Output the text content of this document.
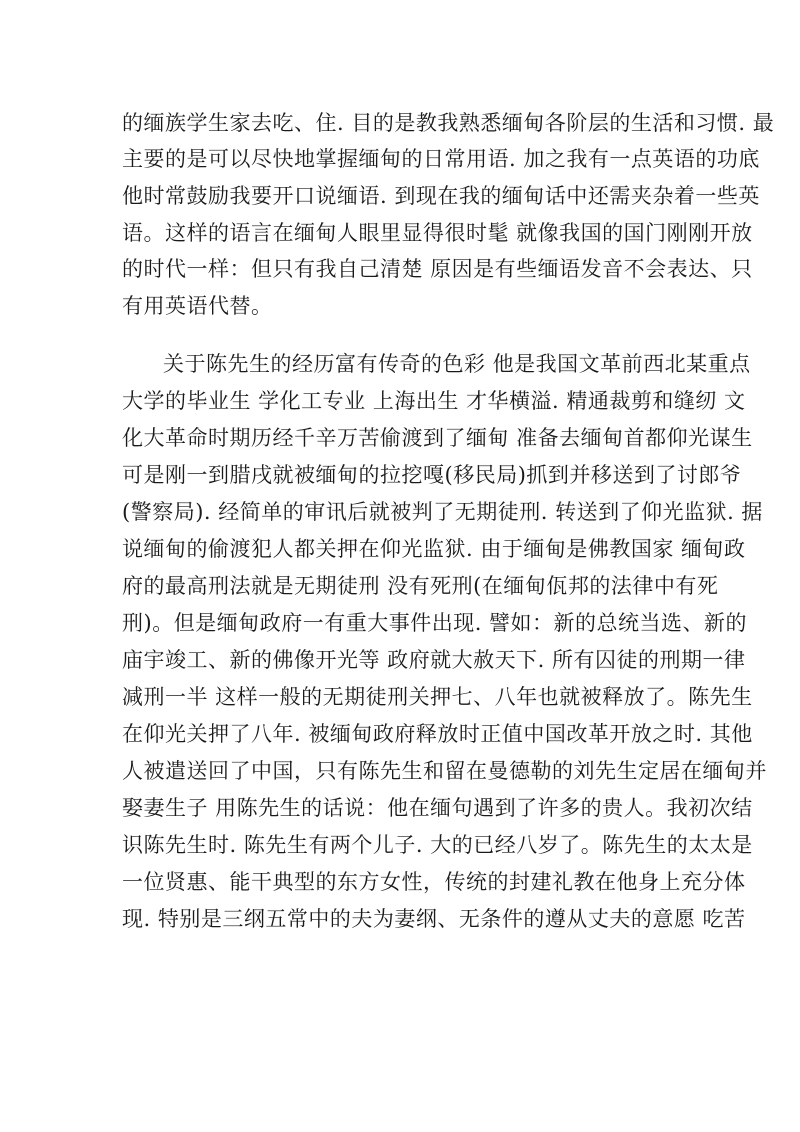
的缅族学生家去吃、住. 目的是教我熟悉缅甸各阶层的生活和习惯. 最
主要的是可以尽快地掌握缅甸的日常用语. 加之我有一点英语的功底
他时常鼓励我要开口说缅语. 到现在我的缅甸话中还需夹杂着一些英
语。这样的语言在缅甸人眼里显得很时髦 就像我国的国门刚刚开放
的时代一样：但只有我自己清楚 原因是有些缅语发音不会表达、只
有用英语代替。
关于陈先生的经历富有传奇的色彩 他是我国文革前西北某重点
大学的毕业生 学化工专业 上海出生 才华横溢. 精通裁剪和缝纫 文
化大革命时期历经千辛万苦偷渡到了缅甸 准备去缅甸首都仰光谋生
可是刚一到腊戌就被缅甸的拉挖嘎(移民局)抓到并移送到了讨郎爷
(警察局). 经简单的审讯后就被判了无期徒刑. 转送到了仰光监狱. 据
说缅甸的偷渡犯人都关押在仰光监狱. 由于缅甸是佛教国家 缅甸政
府的最高刑法就是无期徒刑 没有死刑(在缅甸佤邦的法律中有死
刑)。但是缅甸政府一有重大事件出现. 譬如：新的总统当选、新的
庙宇竣工、新的佛像开光等 政府就大赦天下. 所有囚徒的刑期一律
减刑一半 这样一般的无期徒刑关押七、八年也就被释放了。陈先生
在仰光关押了八年. 被缅甸政府释放时正值中国改革开放之时. 其他
人被遣送回了中国，只有陈先生和留在曼德勒的刘先生定居在缅甸并
娶妻生子 用陈先生的话说：他在缅句遇到了许多的贵人。我初次结
识陈先生时. 陈先生有两个儿子. 大的已经八岁了。陈先生的太太是
一位贤惠、能干典型的东方女性，传统的封建礼教在他身上充分体
现. 特别是三纲五常中的夫为妻纲、无条件的遵从丈夫的意愿 吃苦
